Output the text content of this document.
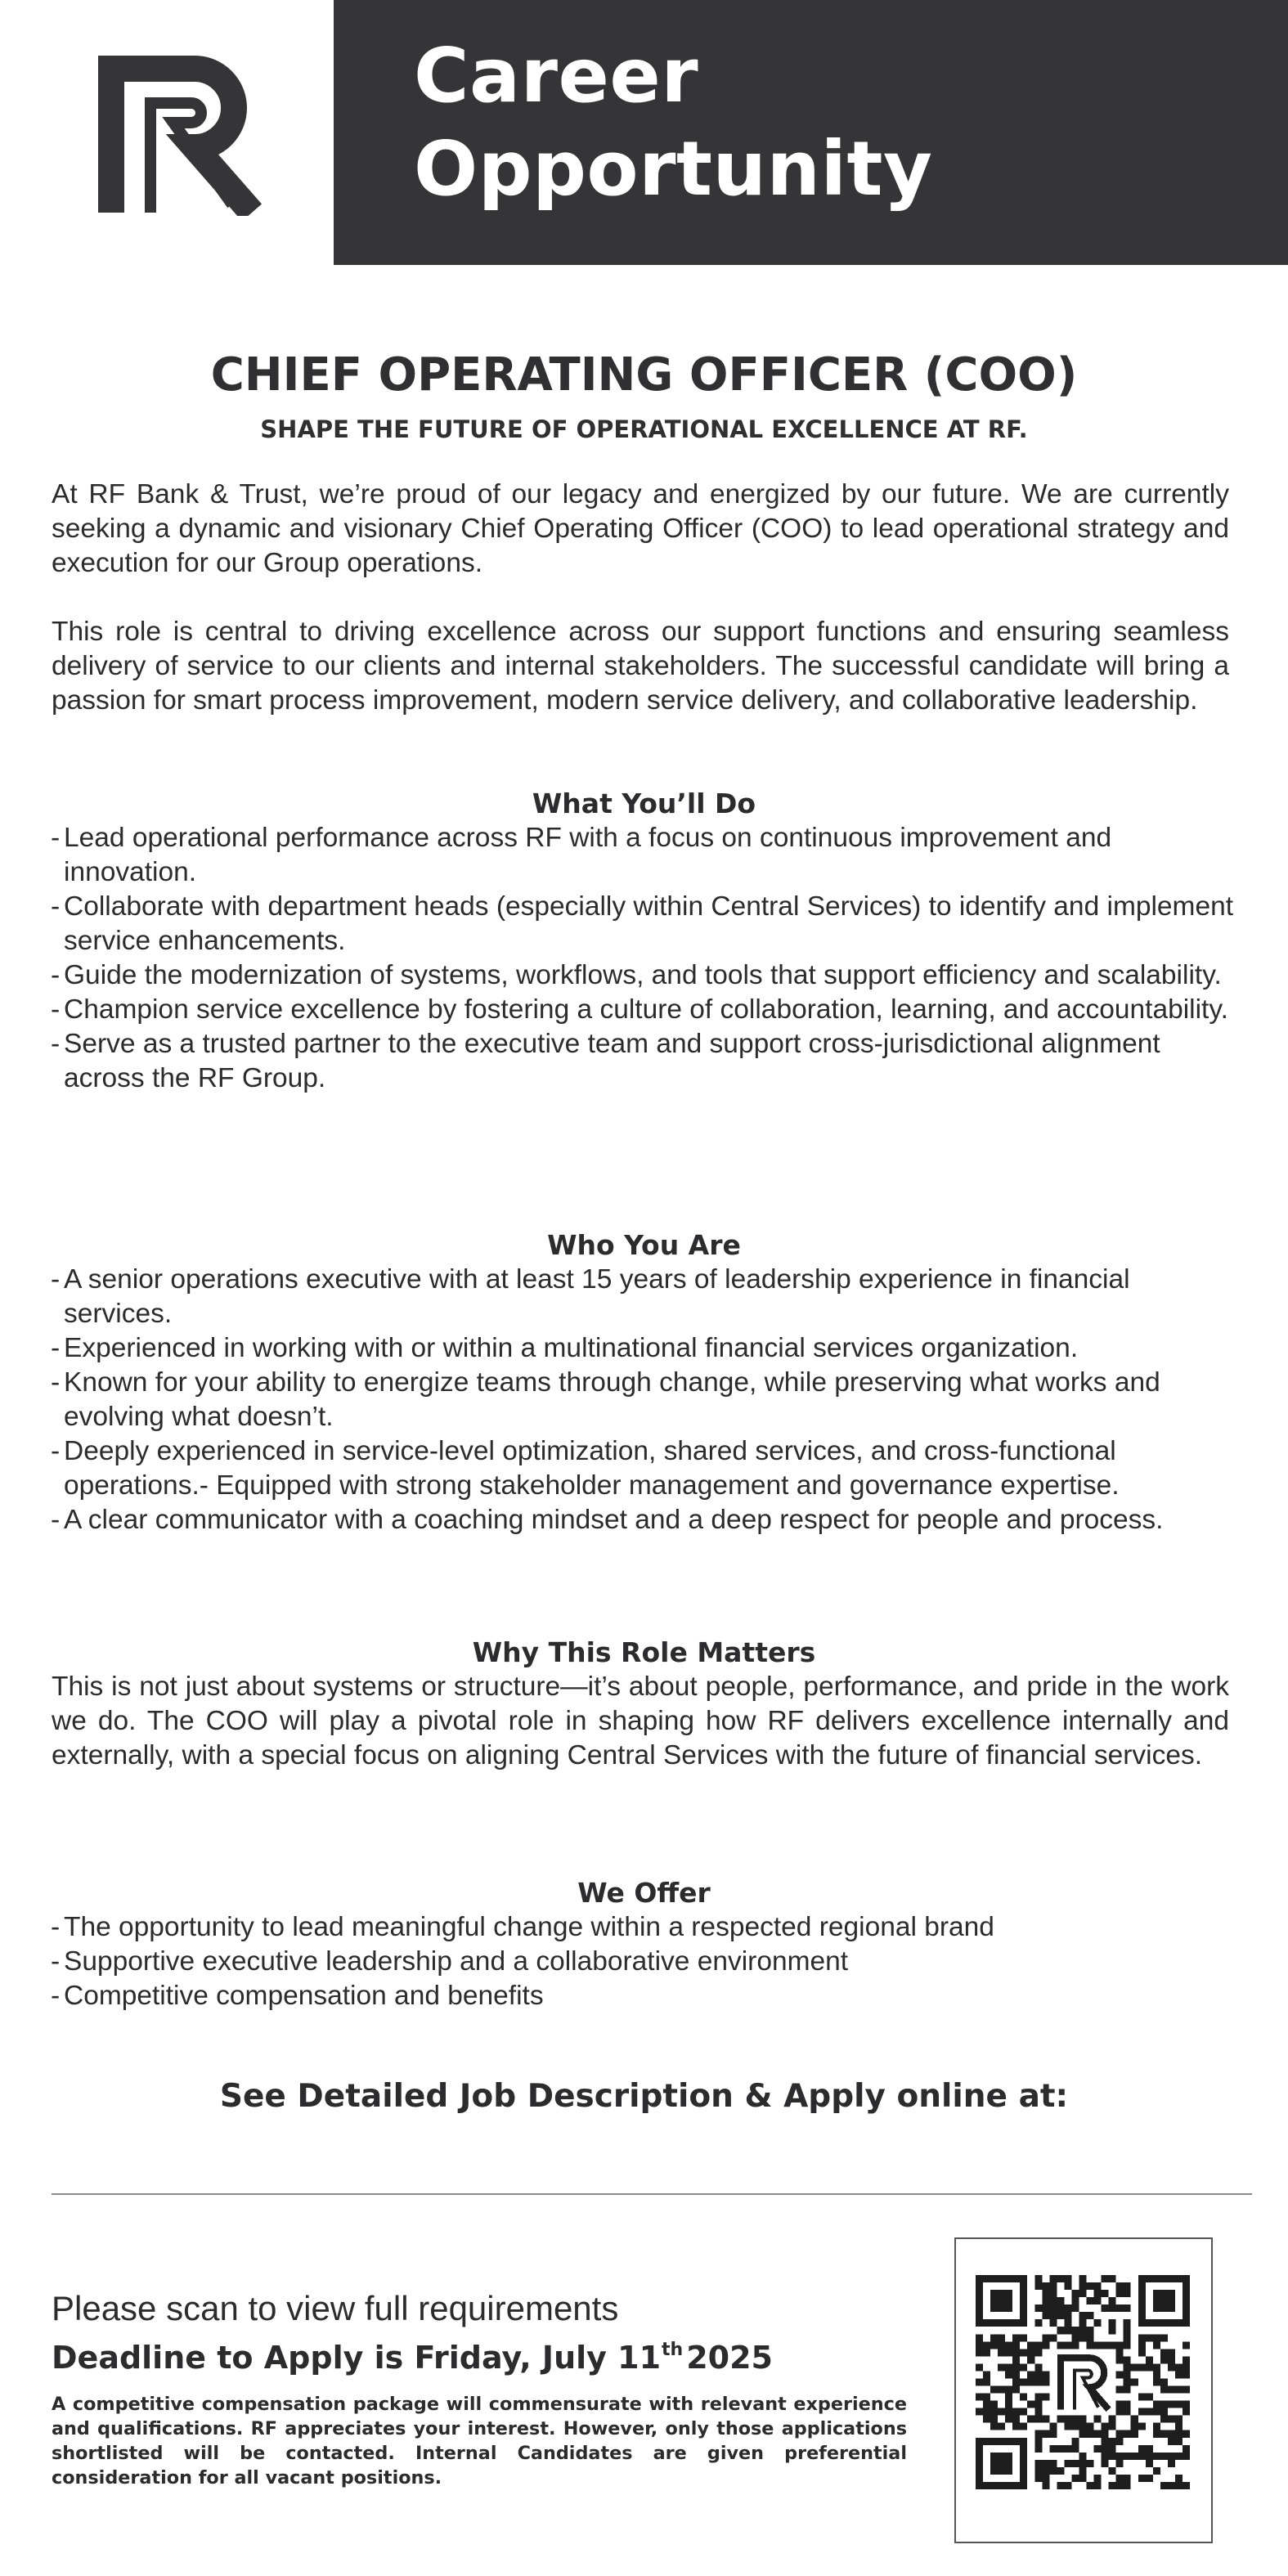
Career
Opportunity
CHIEF OPERATING OFFICER (COO)

SHAPE THE FUTURE OF OPERATIONAL EXCELLENCE AT RF.

At RF Bank & Trust, we’re proud of our legacy and energized by our future. We are currently seeking a dynamic and visionary Chief Operating Officer (COO) to lead operational strategy and execution for our Group operations.

This role is central to driving excellence across our support functions and ensuring seamless delivery of service to our clients and internal stakeholders. The successful candidate will bring a passion for smart process improvement, modern service delivery, and collaborative leadership.

What You’ll Do
- Lead operational performance across RF with a focus on continuous improvement and innovation.
- Collaborate with department heads (especially within Central Services) to identify and implement service enhancements.
- Guide the modernization of systems, workflows, and tools that support efficiency and scalability.
- Champion service excellence by fostering a culture of collaboration, learning, and accountability.
- Serve as a trusted partner to the executive team and support cross-jurisdictional alignment across the RF Group.
Who You Are
- A senior operations executive with at least 15 years of leadership experience in financial services.
- Experienced in working with or within a multinational financial services organization.
- Known for your ability to energize teams through change, while preserving what works and evolving what doesn’t.
- Deeply experienced in service-level optimization, shared services, and cross-functional operations.- Equipped with strong stakeholder management and governance expertise.
- A clear communicator with a coaching mindset and a deep respect for people and process.
Why This Role Matters

This is not just about systems or structure—it’s about people, performance, and pride in the work we do. The COO will play a pivotal role in shaping how RF delivers excellence internally and externally, with a special focus on aligning Central Services with the future of financial services.

We Offer
- The opportunity to lead meaningful change within a respected regional brand
- Supportive executive leadership and a collaborative environment
- Competitive compensation and benefits

See Detailed Job Description & Apply online at:

Please scan to view full requirements

Deadline to Apply is Friday, July 11th 2025

A competitive compensation package will commensurate with relevant experience and qualifications. RF appreciates your interest. However, only those applications shortlisted will be contacted. Internal Candidates are given preferential consideration for all vacant positions.
